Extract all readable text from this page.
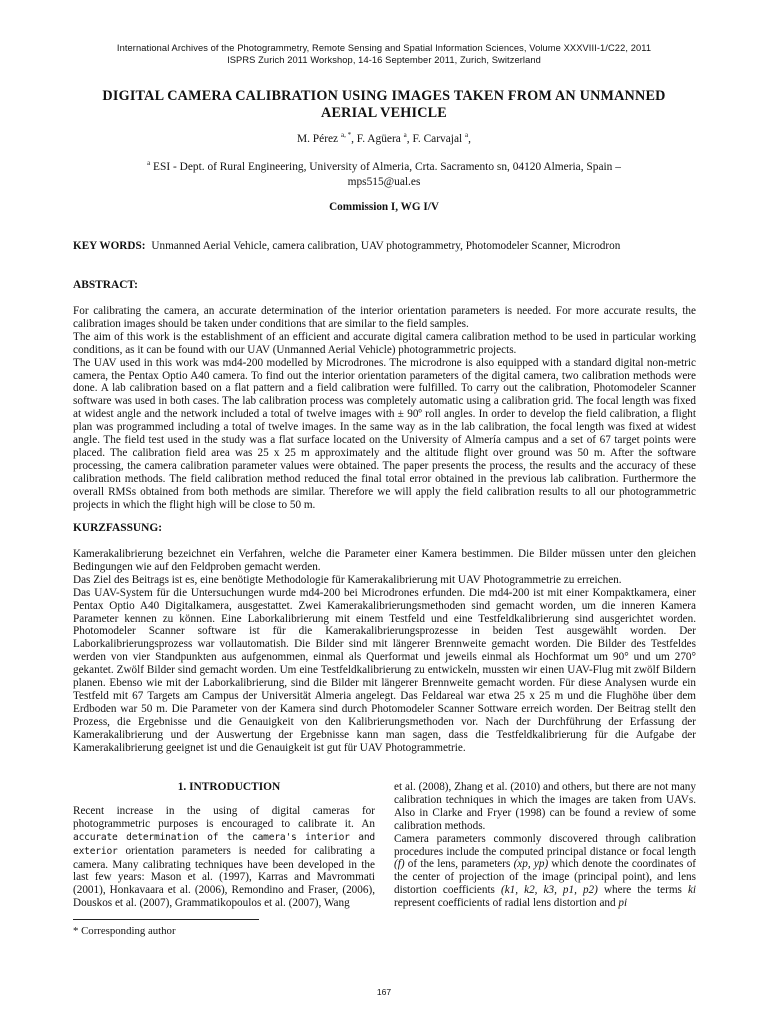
International Archives of the Photogrammetry, Remote Sensing and Spatial Information Sciences, Volume XXXVIII-1/C22, 2011
ISPRS Zurich 2011 Workshop, 14-16 September 2011, Zurich, Switzerland
DIGITAL CAMERA CALIBRATION USING IMAGES TAKEN FROM AN UNMANNED
AERIAL VEHICLE
M. Pérez $^{a, *}$, F. Agüera $^a$, F. Carvajal $^a$,
$^a$ ESI - Dept. of Rural Engineering, University of Almeria, Crta. Sacramento sn, 04120 Almeria, Spain –
mps515@ual.es
Commission I, WG I/V
KEY WORDS: Unmanned Aerial Vehicle, camera calibration, UAV photogrammetry, Photomodeler Scanner, Microdron
ABSTRACT:

For calibrating the camera, an accurate determination of the interior orientation parameters is needed. For more accurate results, the calibration images should be taken under conditions that are similar to the field samples.

The aim of this work is the establishment of an efficient and accurate digital camera calibration method to be used in particular working conditions, as it can be found with our UAV (Unmanned Aerial Vehicle) photogrammetric projects.

The UAV used in this work was md4-200 modelled by Microdrones. The microdrone is also equipped with a standard digital non-metric camera, the Pentax Optio A40 camera. To find out the interior orientation parameters of the digital camera, two calibration methods were done. A lab calibration based on a flat pattern and a field calibration were fulfilled. To carry out the calibration, Photomodeler Scanner software was used in both cases. The lab calibration process was completely automatic using a calibration grid. The focal length was fixed at widest angle and the network included a total of twelve images with ± 90º roll angles. In order to develop the field calibration, a flight plan was programmed including a total of twelve images. In the same way as in the lab calibration, the focal length was fixed at widest angle. The field test used in the study was a flat surface located on the University of Almería campus and a set of 67 target points were placed. The calibration field area was 25 x 25 m approximately and the altitude flight over ground was 50 m. After the software processing, the camera calibration parameter values were obtained. The paper presents the process, the results and the accuracy of these calibration methods. The field calibration method reduced the final total error obtained in the previous lab calibration. Furthermore the overall RMSs obtained from both methods are similar. Therefore we will apply the field calibration results to all our photogrammetric projects in which the flight high will be close to 50 m.

KURZFASSUNG:

Kamerakalibrierung bezeichnet ein Verfahren, welche die Parameter einer Kamera bestimmen. Die Bilder müssen unter den gleichen Bedingungen wie auf den Feldproben gemacht werden.

Das Ziel des Beitrags ist es, eine benötigte Methodologie für Kamerakalibrierung mit UAV Photogrammetrie zu erreichen.

Das UAV-System für die Untersuchungen wurde md4-200 bei Microdrones erfunden. Die md4-200 ist mit einer Kompaktkamera, einer Pentax Optio A40 Digitalkamera, ausgestattet. Zwei Kamerakalibrierungsmethoden sind gemacht worden, um die inneren Kamera Parameter kennen zu können. Eine Laborkalibrierung mit einem Testfeld und eine Testfeldkalibrierung sind ausgerichtet worden. Photomodeler Scanner software ist für die Kamerakalibrierungsprozesse in beiden Test ausgewählt worden. Der Laborkalibrierungsprozess war vollautomatish. Die Bilder sind mit längerer Brennweite gemacht worden. Die Bilder des Testfeldes werden von vier Standpunkten aus aufgenommen, einmal als Querformat und jeweils einmal als Hochformat um 90° und um 270° gekantet. Zwölf Bilder sind gemacht worden. Um eine Testfeldkalibrierung zu entwickeln, mussten wir einen UAV-Flug mit zwölf Bildern planen. Ebenso wie mit der Laborkalibrierung, sind die Bilder mit längerer Brennweite gemacht worden. Für diese Analysen wurde ein Testfeld mit 67 Targets am Campus der Universität Almeria angelegt. Das Feldareal war etwa 25 x 25 m und die Flughöhe über dem Erdboden war 50 m. Die Parameter von der Kamera sind durch Photomodeler Scanner Sottware erreich worden. Der Beitrag stellt den Prozess, die Ergebnisse und die Genauigkeit von den Kalibrierungsmethoden vor. Nach der Durchführung der Erfassung der Kamerakalibrierung und der Auswertung der Ergebnisse kann man sagen, dass die Testfeldkalibrierung für die Aufgabe der Kamerakalibrierung geeignet ist und die Genauigkeit ist gut für UAV Photogrammetrie.

1. INTRODUCTION

Recent increase in the using of digital cameras for photogrammetric purposes is encouraged to calibrate it. An accurate determination of the camera's interior and exterior orientation parameters is needed for calibrating a camera. Many calibrating techniques have been developed in the last few years: Mason et al. (1997), Karras and Mavrommati (2001), Honkavaara et al. (2006), Remondino and Fraser, (2006), Douskos et al. (2007), Grammatikopoulos et al. (2007), Wang

et al. (2008), Zhang et al. (2010) and others, but there are not many calibration techniques in which the images are taken from UAVs. Also in Clarke and Fryer (1998) can be found a review of some calibration methods.

Camera parameters commonly discovered through calibration procedures include the computed principal distance or focal length (f) of the lens, parameters (xp, yp) which denote the coordinates of the center of projection of the image (principal point), and lens distortion coefficients (k1, k2, k3, p1, p2) where the terms ki represent coefficients of radial lens distortion and pi

* Corresponding author
167
